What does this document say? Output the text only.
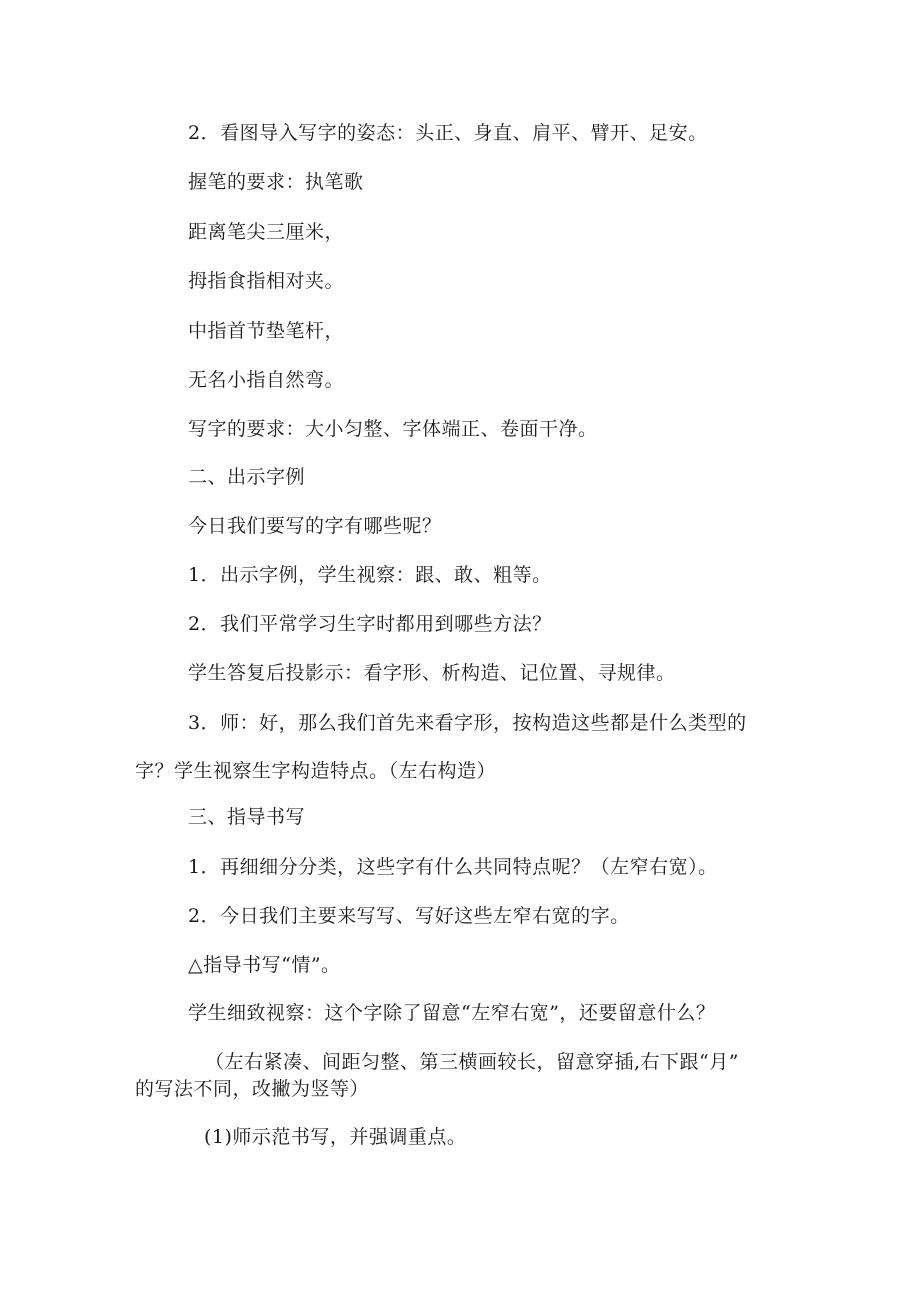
2．看图导入写字的姿态：头正、身直、肩平、臂开、足安。
握笔的要求：执笔歌
距离笔尖三厘米，
拇指食指相对夹。
中指首节垫笔杆，
无名小指自然弯。
写字的要求：大小匀整、字体端正、卷面干净。
二、出示字例
今日我们要写的字有哪些呢？
1．出示字例，学生视察：跟、敢、粗等。
2．我们平常学习生字时都用到哪些方法？
学生答复后投影示：看字形、析构造、记位置、寻规律。
3．师：好，那么我们首先来看字形，按构造这些都是什么类型的
字？学生视察生字构造特点。（左右构造）
三、指导书写
1．再细细分分类，这些字有什么共同特点呢？（左窄右宽）。
2．今日我们主要来写写、写好这些左窄右宽的字。
△指导书写“情”。
学生细致视察：这个字除了留意“左窄右宽”，还要留意什么？
（左右紧凑、间距匀整、第三横画较长，留意穿插,右下跟“月”
的写法不同，改撇为竖等）
(1)师示范书写，并强调重点。
